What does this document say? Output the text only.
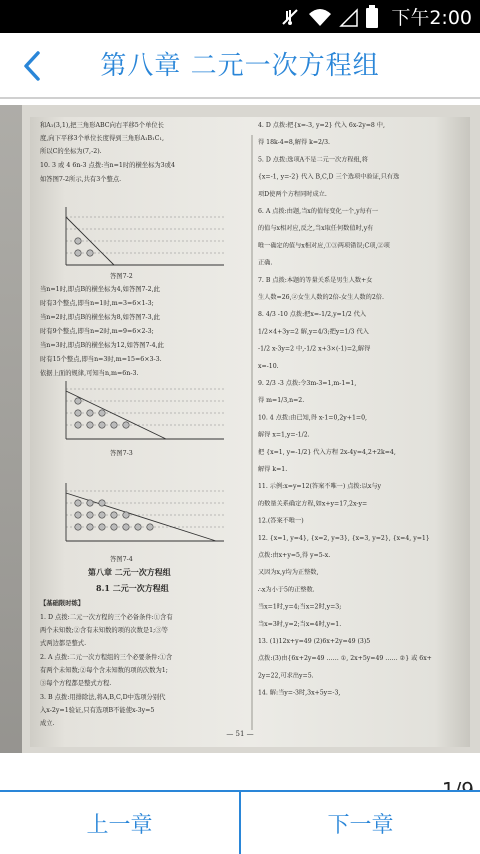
下午2:00
第八章 二元一次方程组
和A₁(3,1),把三角形ABC向右平移5个单位长
度,向下平移3个单位长度得到三角形A₁B₁C₁,
所以C的坐标为(7,-2).
10. 3 或 4 6n-3 点拨:当n=1时的横坐标为3或4
如答图7-2所示,共有3个整点.
答图7-2
当n=1时,即点B的横坐标为4,如答图7-2,此
时有3个整点,即当n=1时,m=3=6×1-3;
当n=2时,即点B的横坐标为8,如答图7-3,此
时有9个整点,即当n=2时,m=9=6×2-3;
当n=3时,即点B的横坐标为12,如答图7-4,此
时有15个整点,即当n=3时,m=15=6×3-3.
依据上面的规律,可知当n,m=6n-3.
答图7-3
答图7-4
第八章 二元一次方程组
8.1 二元一次方程组
【基础限时练】
1. D 点拨:二元一次方程的三个必备条件:①含有
两个未知数;②含有未知数的项的次数是1;③等
式两边都是整式.
2. A 点拨:二元一次方程组的三个必要条件:①含
有两个未知数;②每个含未知数的项的次数为1;
③每个方程都是整式方程.
3. B 点拨:用排除法,将A,B,C,D中选项分别代
入x-2y=1验证,只有选项B不能使x-3y=5
成立.
4. D 点拨:把{x=-3, y=2} 代入 6x-2y=8 中,
得 18k-4=8,解得 k=2/3.
5. D 点拨:选项A不是二元一次方程组,将
{x=-1, y=-2} 代入 B,C,D 三个选项中验证,只有选
项D使两个方程同时成立.
6. A 点拨:由题,当x的值每变化一个,y每有一
的值与x相对应,反之,当x取任何数值时,y有
唯一确定的值与x相对应,①③两项错误;C项,②项
正确.
7. B 点拨:本题的等量关系是男生人数+女
生人数=26,②女生人数的2倍-女生人数的2倍.
8. 4/3 -10 点拨:把x=-1/2,y=1/2 代入
1/2×4+3y=2 解,y=4/3;把y=1/3 代入
-1/2 x-3y=2 中,-1/2 x+3×(-1)=2,解得
x=-10.
9. 2/3 -3 点拨:令3m-3=1,m-1=1,
得 m=1/3,n=2.
10. 4 点拨:由已知,得 x-1=0,2y+1=0,
解得 x=1,y=-1/2.
把 {x=1, y=-1/2} 代入方程 2x-4y=4,2+2k=4,
解得 k=1.
11. 示例:x=y=12(答案不唯一) 点拨:以x与y
的数量关系确定方程,如x+y=17,2x-y=
12.(答案不唯一)
12. {x=1, y=4}, {x=2, y=3}, {x=3, y=2}, {x=4, y=1}
点拨:由x+y=5,得 y=5-x.
又因为x,y均为正整数,
∴x为小于5的正整数.
当x=1时,y=4;当x=2时,y=3;
当x=3时,y=2;当x=4时,y=1.
13. (1)12x+y=49 (2)6x+2y=49 (3)5
点拨:(3)由{6x+2y=49 …… ①, 2x+5y=49 …… ②} 或 6x+
2y=22,可求出y=5.
14. 解:当y=-3时,3x+5y=-3,
— 51 —
上一章	下一章
